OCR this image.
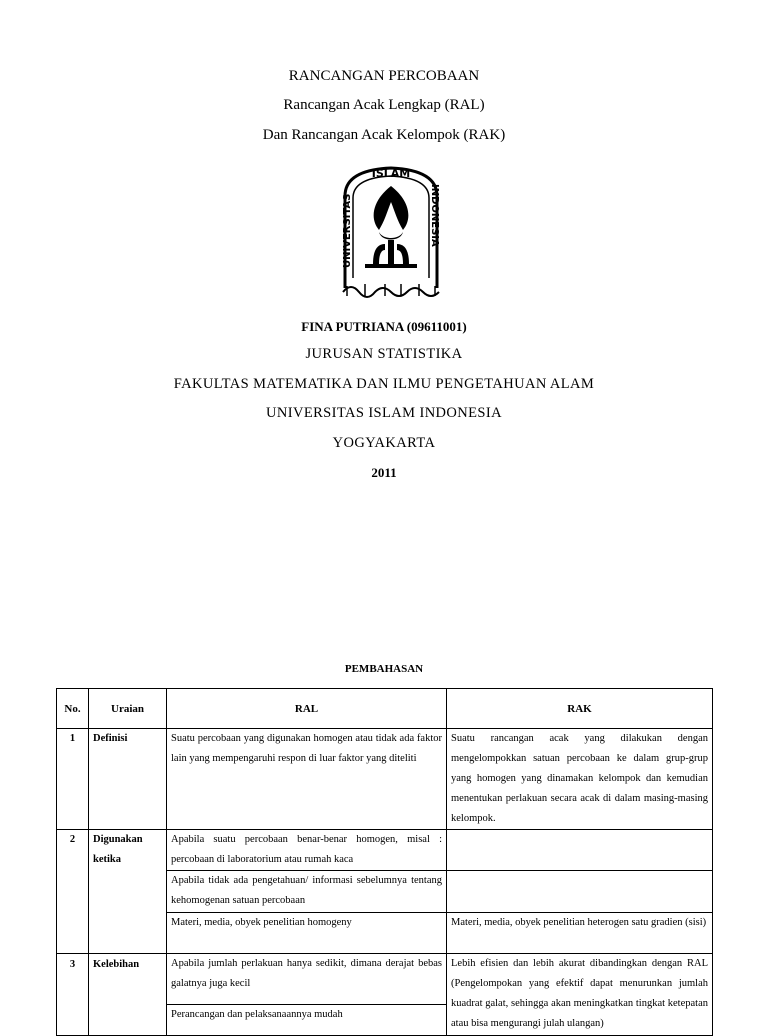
RANCANGAN PERCOBAAN
Rancangan Acak Lengkap (RAL)
Dan Rancangan Acak Kelompok (RAK)
ISLAM
UNIVERSITAS	INDONESIA
FINA PUTRIANA (09611001)
JURUSAN STATISTIKA
FAKULTAS MATEMATIKA DAN ILMU PENGETAHUAN ALAM
UNIVERSITAS ISLAM INDONESIA
YOGYAKARTA
2011
PEMBAHASAN
No.	Uraian	RAL	RAK
1	Definisi	Suatu percobaan yang digunakan homogen atau tidak ada faktor lain yang mempengaruhi respon di luar faktor yang diteliti	Suatu rancangan acak yang dilakukan dengan mengelompokkan satuan percobaan ke dalam grup-grup yang homogen yang dinamakan kelompok dan kemudian menentukan perlakuan secara acak di dalam masing-masing kelompok.
2	Digunakan ketika	Apabila suatu percobaan benar-benar homogen, misal : percobaan di laboratorium atau rumah kaca	
		Apabila tidak ada pengetahuan/ informasi sebelumnya tentang kehomogenan satuan percobaan	
		Materi, media, obyek penelitian homogeny	Materi, media, obyek penelitian heterogen satu gradien (sisi)
3	Kelebihan	Apabila jumlah perlakuan hanya sedikit, dimana derajat bebas galatnya juga kecil	Lebih efisien dan lebih akurat dibandingkan dengan RAL (Pengelompokan yang efektif dapat menurunkan jumlah kuadrat galat, sehingga akan meningkatkan tingkat ketepatan atau bisa mengurangi julah ulangan)
		Perancangan dan pelaksanaannya mudah	
